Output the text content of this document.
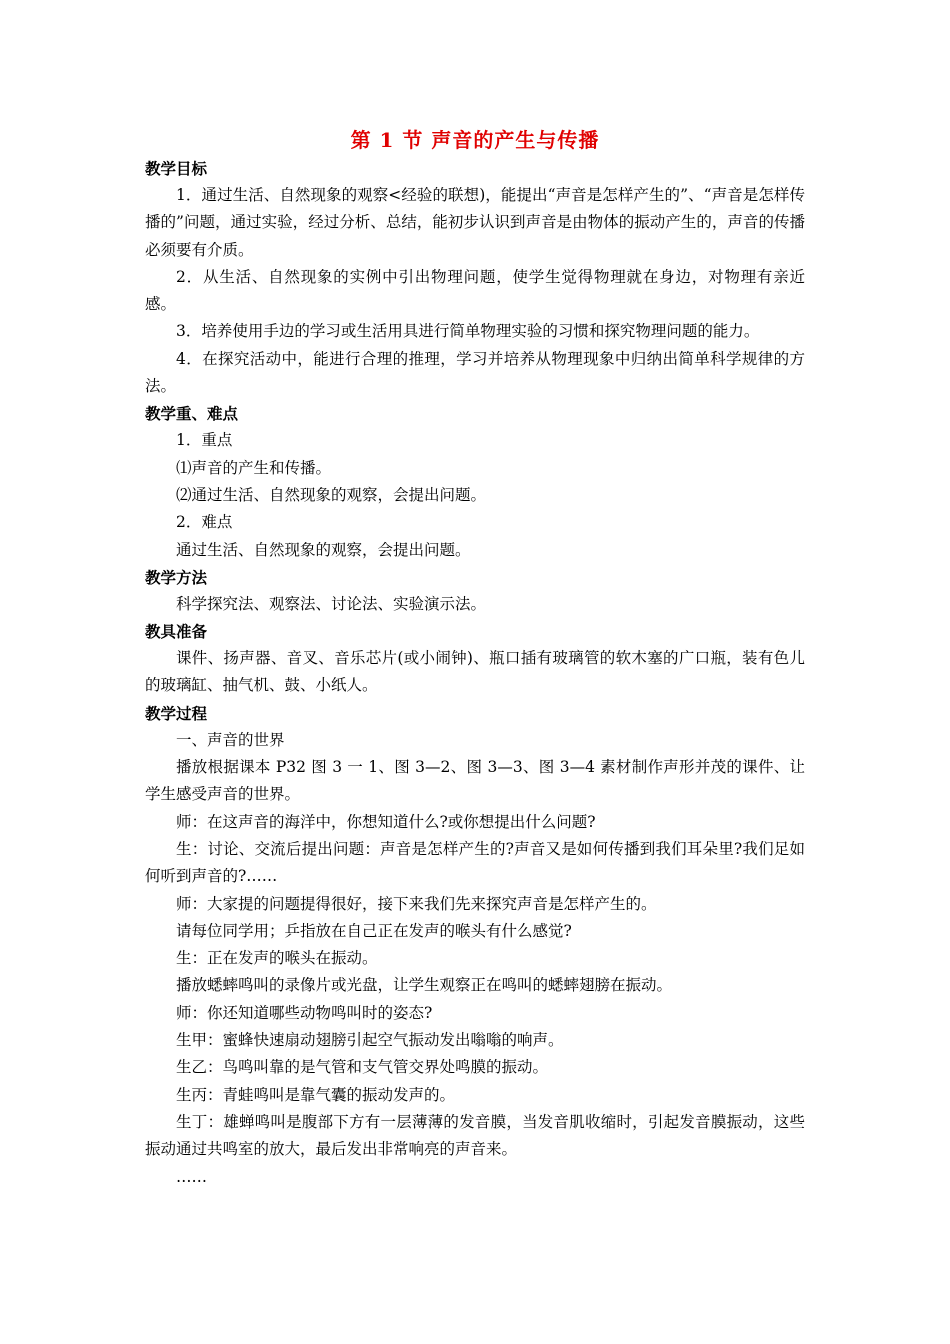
第 1 节 声音的产生与传播
教学目标

1．通过生活、自然现象的观察<经验的联想)，能提出“声音是怎样产生的”、“声音是怎样传播的”问题，通过实验，经过分析、总结，能初步认识到声音是由物体的振动产生的，声音的传播必须要有介质。

2．从生活、自然现象的实例中引出物理问题，使学生觉得物理就在身边，对物理有亲近感。

3．培养使用手边的学习或生活用具进行简单物理实验的习惯和探究物理问题的能力。

4．在探究活动中，能进行合理的推理，学习并培养从物理现象中归纳出简单科学规律的方法。

教学重、难点

1．重点

⑴声音的产生和传播。

⑵通过生活、自然现象的观察，会提出问题。

2．难点

通过生活、自然现象的观察，会提出问题。

教学方法

科学探究法、观察法、讨论法、实验演示法。

教具准备

课件、扬声器、音叉、音乐芯片(或小闹钟)、瓶口插有玻璃管的软木塞的广口瓶，装有色儿的玻璃缸、抽气机、鼓、小纸人。

教学过程

一、声音的世界

播放根据课本 P32 图 3 一 1、图 3—2、图 3—3、图 3—4 素材制作声形并茂的课件、让学生感受声音的世界。

师：在这声音的海洋中，你想知道什么?或你想提出什么问题?

生：讨论、交流后提出问题：声音是怎样产生的?声音又是如何传播到我们耳朵里?我们足如何听到声音的?……

师：大家提的问题提得很好，接下来我们先来探究声音是怎样产生的。

请每位同学用；乒指放在自己正在发声的喉头有什么感觉?

生：正在发声的喉头在振动。

播放蟋蟀鸣叫的录像片或光盘，让学生观察正在鸣叫的蟋蟀翅膀在振动。

师：你还知道哪些动物鸣叫时的姿态?

生甲：蜜蜂快速扇动翅膀引起空气振动发出嗡嗡的响声。

生乙：鸟鸣叫靠的是气管和支气管交界处鸣膜的振动。

生丙：青蛙鸣叫是靠气囊的振动发声的。

生丁：雄蝉鸣叫是腹部下方有一层薄薄的发音膜，当发音肌收缩时，引起发音膜振动，这些振动通过共鸣室的放大，最后发出非常响亮的声音来。

……
